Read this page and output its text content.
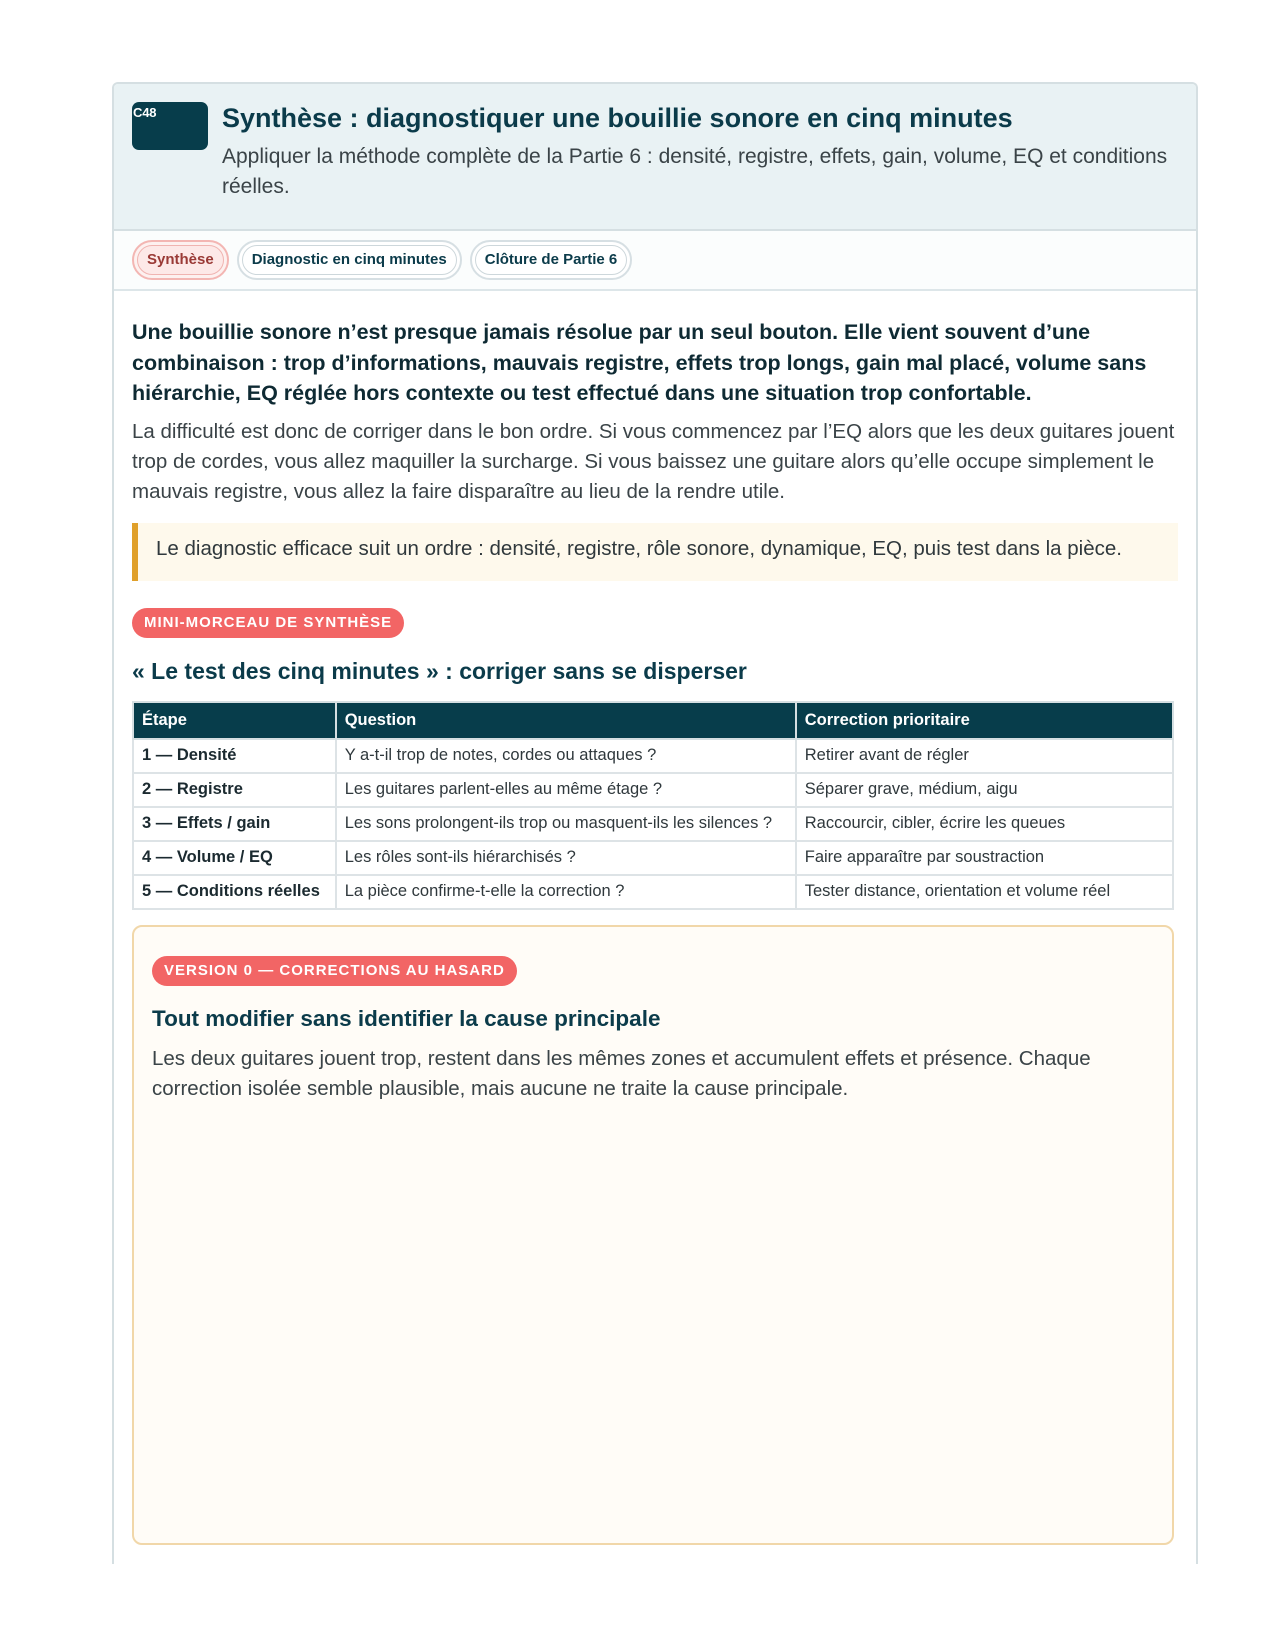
C48	Synthèse : diagnostiquer une bouillie sonore en cinq minutes

Appliquer la méthode complète de la Partie 6 : densité, registre, effets, gain, volume, EQ et conditions réelles.

Synthèse	Diagnostic en cinq minutes	Clôture de Partie 6

Une bouillie sonore n’est presque jamais résolue par un seul bouton. Elle vient souvent d’une combinaison : trop d’informations, mauvais registre, effets trop longs, gain mal placé, volume sans hiérarchie, EQ réglée hors contexte ou test effectué dans une situation trop confortable.

La difficulté est donc de corriger dans le bon ordre. Si vous commencez par l’EQ alors que les deux guitares jouent trop de cordes, vous allez maquiller la surcharge. Si vous baissez une guitare alors qu’elle occupe simplement le mauvais registre, vous allez la faire disparaître au lieu de la rendre utile.

Le diagnostic efficace suit un ordre : densité, registre, rôle sonore, dynamique, EQ, puis test dans la pièce.
MINI-MORCEAU DE SYNTHÈSE
« Le test des cinq minutes » : corriger sans se disperser
Étape	Question	Correction prioritaire
1 — Densité	Y a-t-il trop de notes, cordes ou attaques ?	Retirer avant de régler
2 — Registre	Les guitares parlent-elles au même étage ?	Séparer grave, médium, aigu
3 — Effets / gain	Les sons prolongent-ils trop ou masquent-ils les silences ?	Raccourcir, cibler, écrire les queues
4 — Volume / EQ	Les rôles sont-ils hiérarchisés ?	Faire apparaître par soustraction
5 — Conditions réelles	La pièce confirme-t-elle la correction ?	Tester distance, orientation et volume réel
VERSION 0 — CORRECTIONS AU HASARD
Tout modifier sans identifier la cause principale

Les deux guitares jouent trop, restent dans les mêmes zones et accumulent effets et présence. Chaque correction isolée semble plausible, mais aucune ne traite la cause principale.
